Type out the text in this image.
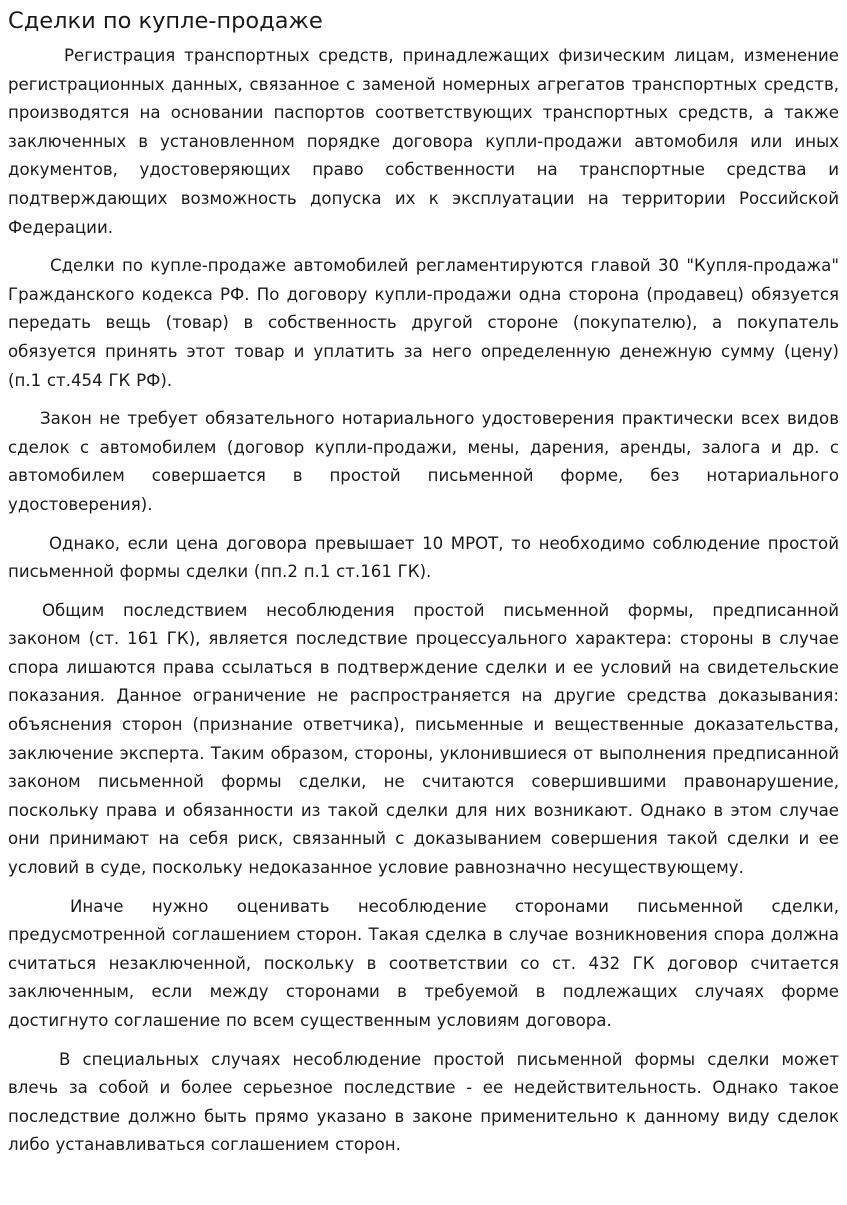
Сделки по купле-продаже

Регистрация транспортных средств, принадлежащих физическим лицам, изменение регистрационных данных, связанное с заменой номерных агрегатов транспортных средств, производятся на основании паспортов соответствующих транспортных средств, а также заключенных в установленном порядке договора купли-продажи автомобиля или иных документов, удостоверяющих право собственности на транспортные средства и подтверждающих возможность допуска их к эксплуатации на территории Российской Федерации.

Сделки по купле-продаже автомобилей регламентируются главой 30 "Купля-продажа" Гражданского кодекса РФ. По договору купли-продажи одна сторона (продавец) обязуется передать вещь (товар) в собственность другой стороне (покупателю), а покупатель обязуется принять этот товар и уплатить за него определенную денежную сумму (цену) (п.1 ст.454 ГК РФ).

Закон не требует обязательного нотариального удостоверения практически всех видов сделок с автомобилем (договор купли-продажи, мены, дарения, аренды, залога и др. с автомобилем совершается в простой письменной форме, без нотариального удостоверения).

Однако, если цена договора превышает 10 МРОТ, то необходимо соблюдение простой письменной формы сделки (пп.2 п.1 ст.161 ГК).

Общим последствием несоблюдения простой письменной формы, предписанной законом (ст. 161 ГК), является последствие процессуального характера: стороны в случае спора лишаются права ссылаться в подтверждение сделки и ее условий на свидетельские показания. Данное ограничение не распространяется на другие средства доказывания: объяснения сторон (признание ответчика), письменные и вещественные доказательства, заключение эксперта. Таким образом, стороны, уклонившиеся от выполнения предписанной законом письменной формы сделки, не считаются совершившими правонарушение, поскольку права и обязанности из такой сделки для них возникают. Однако в этом случае они принимают на себя риск, связанный с доказыванием совершения такой сделки и ее условий в суде, поскольку недоказанное условие равнозначно несуществующему.

Иначе нужно оценивать несоблюдение сторонами письменной сделки, предусмотренной соглашением сторон. Такая сделка в случае возникновения спора должна считаться незаключенной, поскольку в соответствии со ст. 432 ГК договор считается заключенным, если между сторонами в требуемой в подлежащих случаях форме достигнуто соглашение по всем существенным условиям договора.

В специальных случаях несоблюдение простой письменной формы сделки может влечь за собой и более серьезное последствие - ее недействительность. Однако такое последствие должно быть прямо указано в законе применительно к данному виду сделок либо устанавливаться соглашением сторон.
